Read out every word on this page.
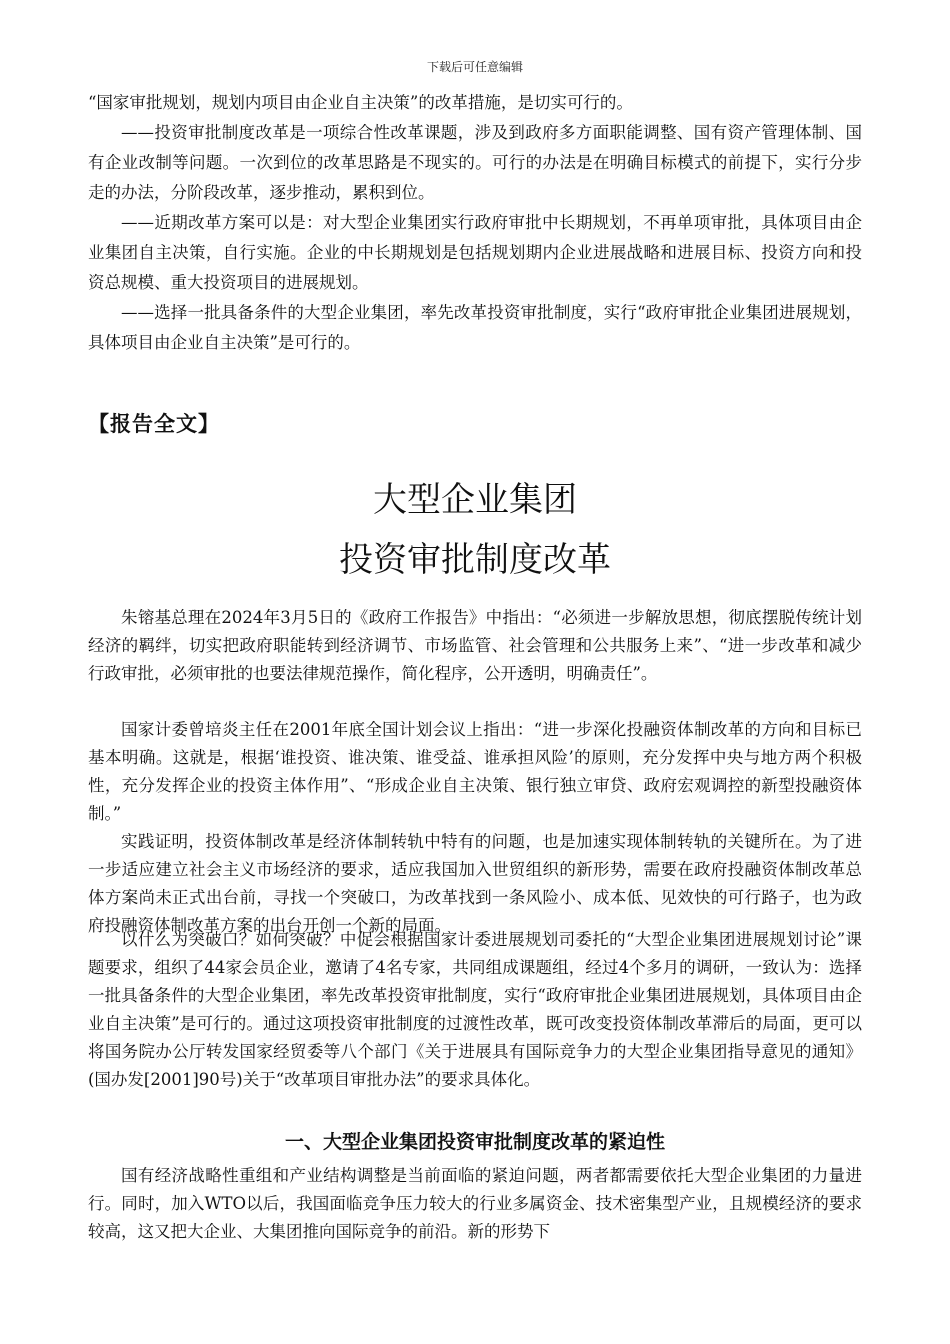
下载后可任意编辑

“国家审批规划，规划内项目由企业自主决策”的改革措施，是切实可行的。

——投资审批制度改革是一项综合性改革课题，涉及到政府多方面职能调整、国有资产管理体制、国有企业改制等问题。一次到位的改革思路是不现实的。可行的办法是在明确目标模式的前提下，实行分步走的办法，分阶段改革，逐步推动，累积到位。

——近期改革方案可以是：对大型企业集团实行政府审批中长期规划，不再单项审批，具体项目由企业集团自主决策，自行实施。企业的中长期规划是包括规划期内企业进展战略和进展目标、投资方向和投资总规模、重大投资项目的进展规划。

——选择一批具备条件的大型企业集团，率先改革投资审批制度，实行“政府审批企业集团进展规划，具体项目由企业自主决策”是可行的。

【报告全文】
大型企业集团
投资审批制度改革

朱镕基总理在2024年3月5日的《政府工作报告》中指出：“必须进一步解放思想，彻底摆脱传统计划经济的羁绊，切实把政府职能转到经济调节、市场监管、社会管理和公共服务上来”、“进一步改革和减少行政审批，必须审批的也要法律规范操作，简化程序，公开透明，明确责任”。

国家计委曾培炎主任在2001年底全国计划会议上指出：“进一步深化投融资体制改革的方向和目标已基本明确。这就是，根据‘谁投资、谁决策、谁受益、谁承担风险’的原则，充分发挥中央与地方两个积极性，充分发挥企业的投资主体作用”、“形成企业自主决策、银行独立审贷、政府宏观调控的新型投融资体制。”

实践证明，投资体制改革是经济体制转轨中特有的问题，也是加速实现体制转轨的关键所在。为了进一步适应建立社会主义市场经济的要求，适应我国加入世贸组织的新形势，需要在政府投融资体制改革总体方案尚未正式出台前，寻找一个突破口，为改革找到一条风险小、成本低、见效快的可行路子，也为政府投融资体制改革方案的出台开创一个新的局面。

以什么为突破口？如何突破？中促会根据国家计委进展规划司委托的“大型企业集团进展规划讨论”课题要求，组织了44家会员企业，邀请了4名专家，共同组成课题组，经过4个多月的调研，一致认为：选择一批具备条件的大型企业集团，率先改革投资审批制度，实行“政府审批企业集团进展规划，具体项目由企业自主决策”是可行的。通过这项投资审批制度的过渡性改革，既可改变投资体制改革滞后的局面，更可以将国务院办公厅转发国家经贸委等八个部门《关于进展具有国际竞争力的大型企业集团指导意见的通知》(国办发[2001]90号)关于“改革项目审批办法”的要求具体化。

一、大型企业集团投资审批制度改革的紧迫性

国有经济战略性重组和产业结构调整是当前面临的紧迫问题，两者都需要依托大型企业集团的力量进行。同时，加入WTO以后，我国面临竞争压力较大的行业多属资金、技术密集型产业，且规模经济的要求较高，这又把大企业、大集团推向国际竞争的前沿。新的形势下
